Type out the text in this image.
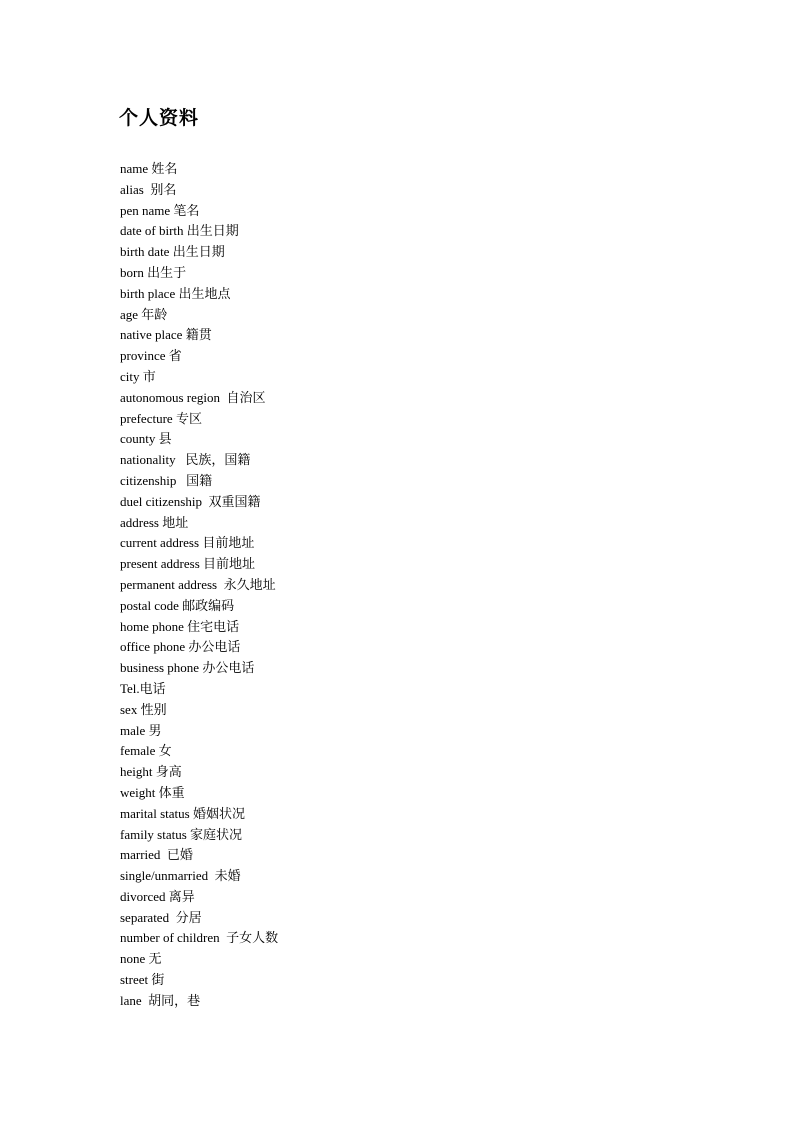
个人资料
name 姓名
alias  别名
pen name 笔名
date of birth 出生日期
birth date 出生日期
born 出生于
birth place 出生地点
age 年龄
native place 籍贯
province 省
city 市
autonomous region  自治区
prefecture 专区
county 县
nationality   民族，国籍
citizenship   国籍
duel citizenship  双重国籍
address 地址
current address 目前地址
present address 目前地址
permanent address  永久地址
postal code 邮政编码
home phone 住宅电话
office phone 办公电话
business phone 办公电话
Tel.电话
sex 性别
male 男
female 女
height 身高
weight 体重
marital status 婚姻状况
family status 家庭状况
married  已婚
single/unmarried  未婚
divorced 离异
separated  分居
number of children  子女人数
none 无
street 街
lane  胡同，巷
